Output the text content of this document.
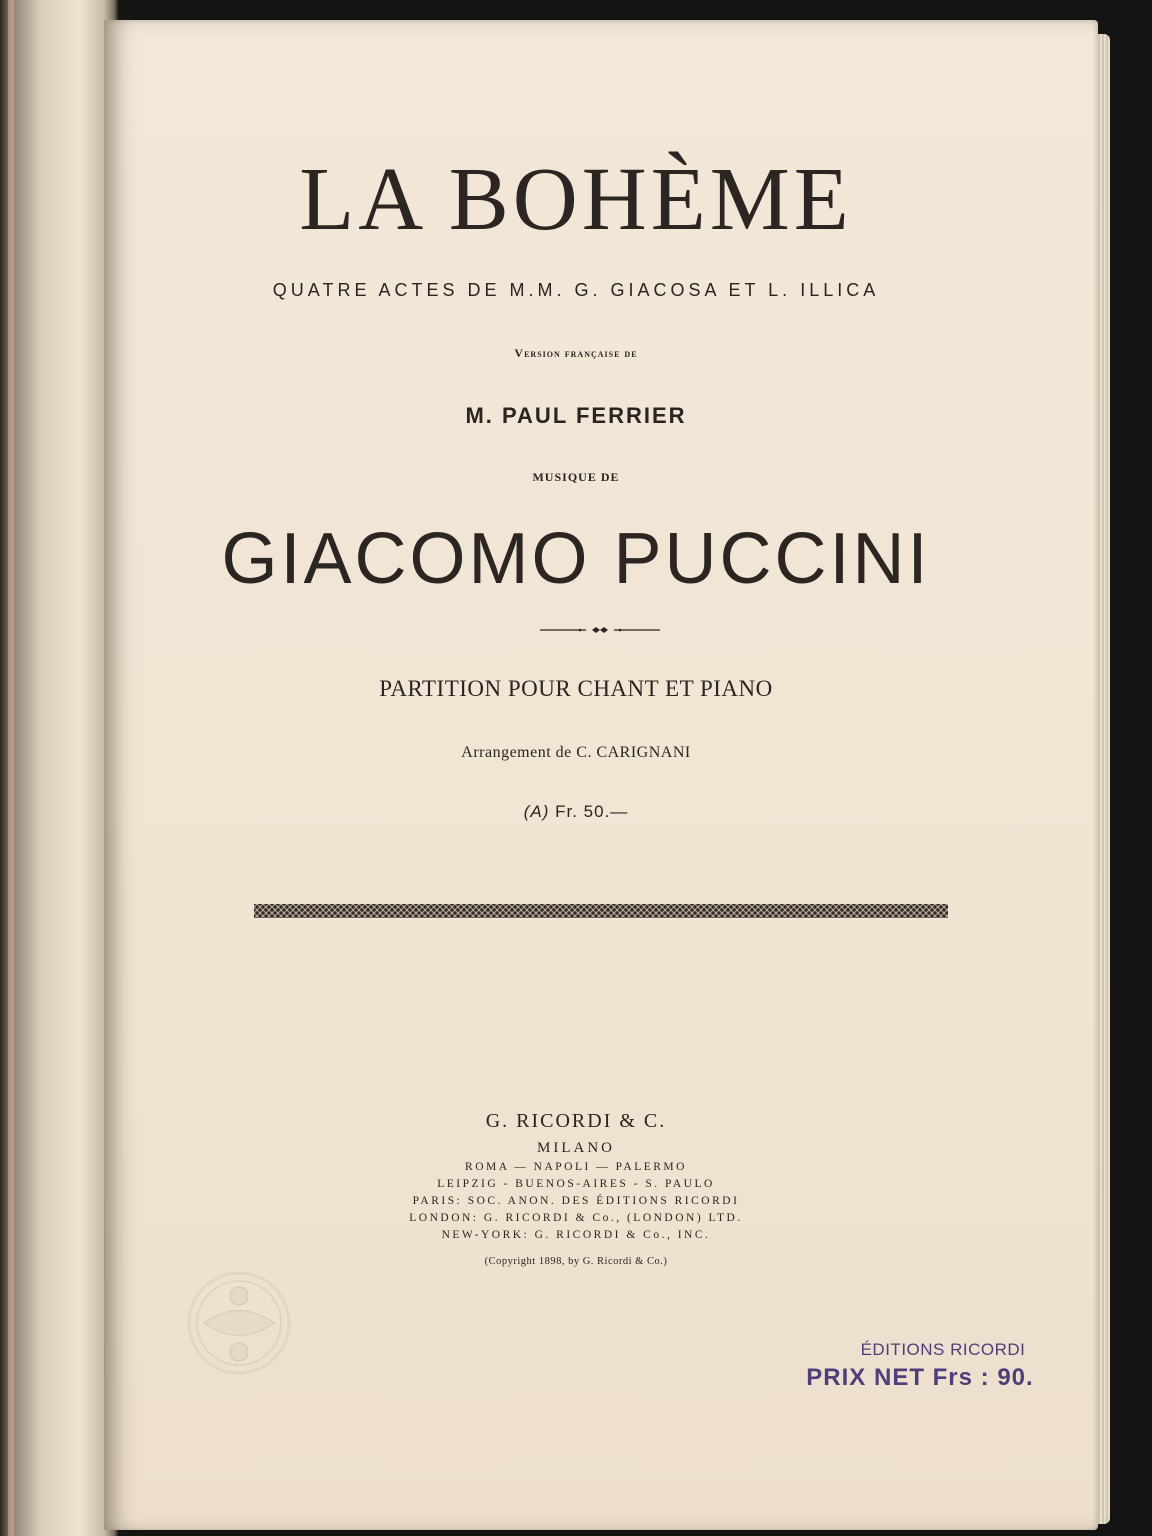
LA BOHÈME
QUATRE ACTES DE M.M. G. GIACOSA ET L. ILLICA
Version française de
M. PAUL FERRIER
MUSIQUE DE
GIACOMO PUCCINI
PARTITION POUR CHANT ET PIANO
Arrangement de C. CARIGNANI
(A) Fr. 50.—
G. RICORDI & C.
MILANO
ROMA — NAPOLI — PALERMO
LEIPZIG - BUENOS-AIRES - S. PAULO
PARIS: SOC. ANON. DES ÉDITIONS RICORDI
LONDON: G. RICORDI & Co., (LONDON) LTD.
NEW-YORK: G. RICORDI & Co., INC.
(Copyright 1898, by G. Ricordi & Co.)
ÉDITIONS RICORDI
PRIX NET Frs : 90.
